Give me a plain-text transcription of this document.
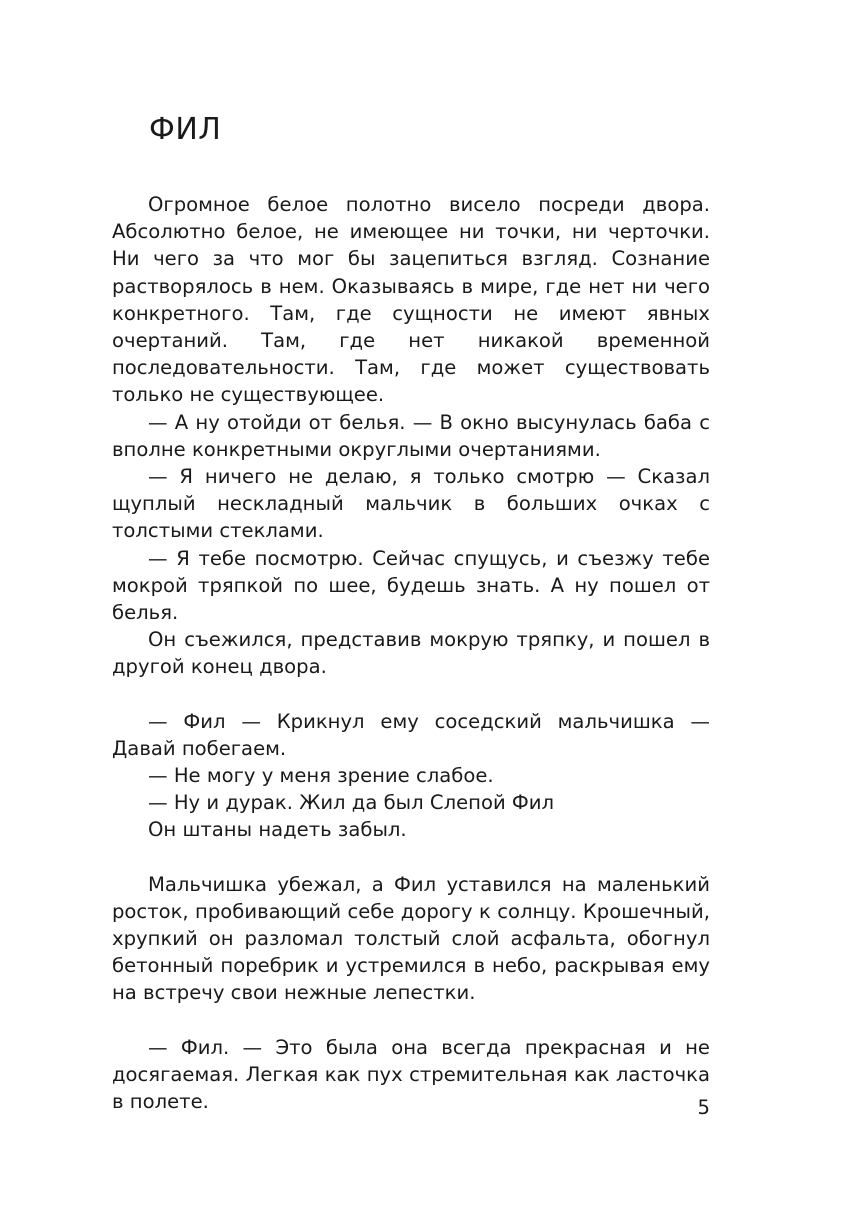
ФИЛ

Огромное белое полотно висело посреди двора. Абсолютно белое, не имеющее ни точки, ни черточки. Ни чего за что мог бы зацепиться взгляд. Сознание растворялось в нем. Оказываясь в мире, где нет ни чего конкретного. Там, где сущности не имеют явных очертаний. Там, где нет никакой временной последовательности. Там, где может существовать только не существующее.

— А ну отойди от белья. — В окно высунулась баба с вполне конкретными округлыми очертаниями.

— Я ничего не делаю, я только смотрю — Сказал щуплый нескладный мальчик в больших очках с толстыми стеклами.

— Я тебе посмотрю. Сейчас спущусь, и съезжу тебе мокрой тряпкой по шее, будешь знать. А ну пошел от белья.

Он съежился, представив мокрую тряпку, и пошел в другой конец двора.

— Фил — Крикнул ему соседский мальчишка — Давай побегаем.

— Не могу у меня зрение слабое.

— Ну и дурак. Жил да был Слепой Фил

Он штаны надеть забыл.

Мальчишка убежал, а Фил уставился на маленький росток, пробивающий себе дорогу к солнцу. Крошечный, хрупкий он разломал толстый слой асфальта, обогнул бетонный поребрик и устремился в небо, раскрывая ему на встречу свои нежные лепестки.

— Фил. — Это была она всегда прекрасная и не досягаемая. Легкая как пух стремительная как ласточка в полете.	5
